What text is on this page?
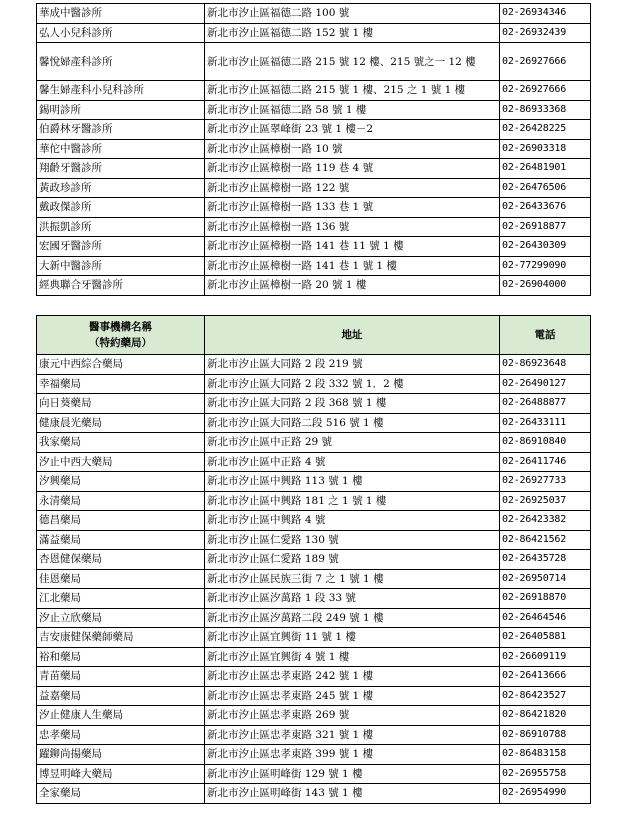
華成中醫診所	新北市汐止區福德二路 100 號	02-26934346
弘人小兒科診所	新北市汐止區福德二路 152 號 1 樓	02-26932439
馨悅婦產科診所	新北市汐止區福德二路 215 號 12 樓、215 號之一 12 樓	02-26927666
馨生婦產科小兒科診所	新北市汐止區福德二路 215 號 1 樓、215 之 1 號 1 樓	02-26927666
錫明診所	新北市汐止區福德二路 58 號 1 樓	02-86933368
伯爵林牙醫診所	新北市汐止區翠峰街 23 號 1 樓－2	02-26428225
華佗中醫診所	新北市汐止區樟樹一路 10 號	02-26903318
翔齡牙醫診所	新北市汐止區樟樹一路 119 巷 4 號	02-26481901
黃政珍診所	新北市汐止區樟樹一路 122 號	02-26476506
戴政傑診所	新北市汐止區樟樹一路 133 巷 1 號	02-26433676
洪振凱診所	新北市汐止區樟樹一路 136 號	02-26918877
宏國牙醫診所	新北市汐止區樟樹一路 141 巷 11 號 1 樓	02-26430309
大新中醫診所	新北市汐止區樟樹一路 141 巷 1 號 1 樓	02-77299090
經典聯合牙醫診所	新北市汐止區樟樹一路 20 號 1 樓	02-26904000
醫事機構名稱
（特約藥局）	地址	電話
康元中西綜合藥局	新北市汐止區大同路 2 段 219 號	02-86923648
幸福藥局	新北市汐止區大同路 2 段 332 號 1．2 樓	02-26490127
向日葵藥局	新北市汐止區大同路 2 段 368 號 1 樓	02-26488877
健康晨光藥局	新北市汐止區大同路二段 516 號 1 樓	02-26433111
我家藥局	新北市汐止區中正路 29 號	02-86910840
汐止中西大藥局	新北市汐止區中正路 4 號	02-26411746
汐興藥局	新北市汐止區中興路 113 號 1 樓	02-26927733
永清藥局	新北市汐止區中興路 181 之 1 號 1 樓	02-26925037
德昌藥局	新北市汐止區中興路 4 號	02-26423382
滿益藥局	新北市汐止區仁愛路 130 號	02-86421562
杏恩健保藥局	新北市汐止區仁愛路 189 號	02-26435728
佳恩藥局	新北市汐止區民族三街 7 之 1 號 1 樓	02-26950714
江北藥局	新北市汐止區汐萬路 1 段 33 號	02-26918870
汐止立欣藥局	新北市汐止區汐萬路二段 249 號 1 樓	02-26464546
吉安康健保藥師藥局	新北市汐止區宜興街 11 號 1 樓	02-26405881
裕和藥局	新北市汐止區宜興街 4 號 1 樓	02-26609119
青苗藥局	新北市汐止區忠孝東路 242 號 1 樓	02-26413666
益嘉藥局	新北市汐止區忠孝東路 245 號 1 樓	02-86423527
汐止健康人生藥局	新北市汐止區忠孝東路 269 號	02-86421820
忠孝藥局	新北市汐止區忠孝東路 321 號 1 樓	02-86910788
躍鉚尚揚藥局	新北市汐止區忠孝東路 399 號 1 樓	02-86483158
博昱明峰大藥局	新北市汐止區明峰街 129 號 1 樓	02-26955758
全家藥局	新北市汐止區明峰街 143 號 1 樓	02-26954990
